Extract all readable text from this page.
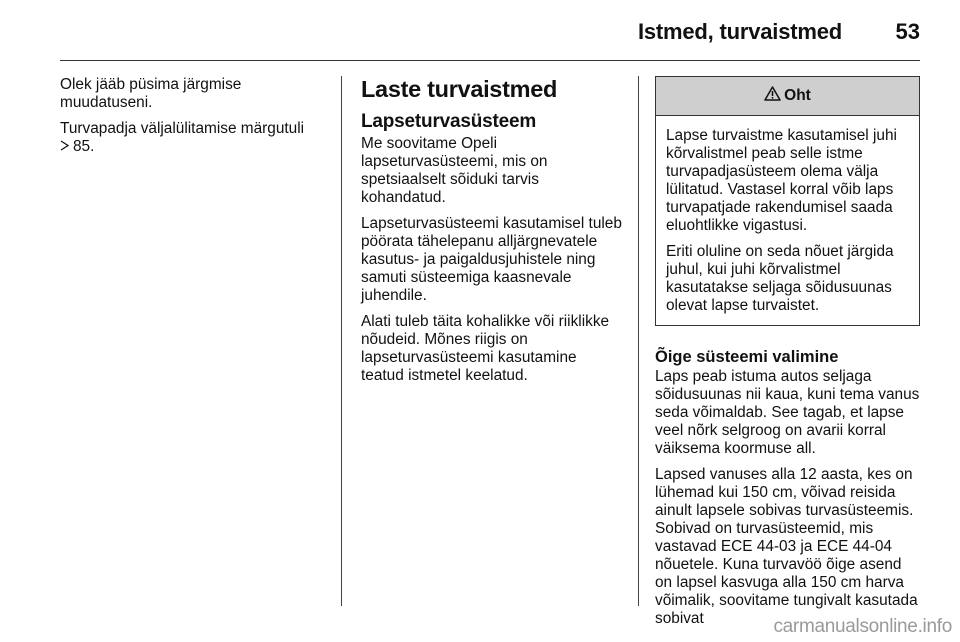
Istmed, turvaistmed 53

Olek jääb püsima järgmise muudatuseni.

Turvapadja väljalülitamise märgutuli
85.

Laste turvaistmed
Lapseturvasüsteem

Me soovitame Opeli lapseturvasüsteemi, mis on spetsiaalselt sõiduki tarvis kohandatud.

Lapseturvasüsteemi kasutamisel tuleb pöörata tähelepanu alljärgnevatele kasutus- ja paigaldusjuhistele ning samuti süsteemiga kaasnevale juhendile.

Alati tuleb täita kohalikke või riiklikke nõudeid. Mõnes riigis on lapseturvasüsteemi kasutamine teatud istmetel keelatud.

Oht

Lapse turvaistme kasutamisel juhi kõrvalistmel peab selle istme turvapadjasüsteem olema välja lülitatud. Vastasel korral võib laps turvapatjade rakendumisel saada eluohtlikke vigastusi.

Eriti oluline on seda nõuet järgida juhul, kui juhi kõrvalistmel kasutatakse seljaga sõidusuunas olevat lapse turvaistet.

Õige süsteemi valimine

Laps peab istuma autos seljaga sõidusuunas nii kaua, kuni tema vanus seda võimaldab. See tagab, et lapse veel nõrk selgroog on avarii korral väiksema koormuse all.

Lapsed vanuses alla 12 aasta, kes on lühemad kui 150 cm, võivad reisida ainult lapsele sobivas turvasüsteemis. Sobivad on turvasüsteemid, mis vastavad ECE 44-03 ja ECE 44-04 nõuetele. Kuna turvavöö õige asend on lapsel kasvuga alla 150 cm harva võimalik, soovitame tungivalt kasutada sobivat	carmanualsonline.info
